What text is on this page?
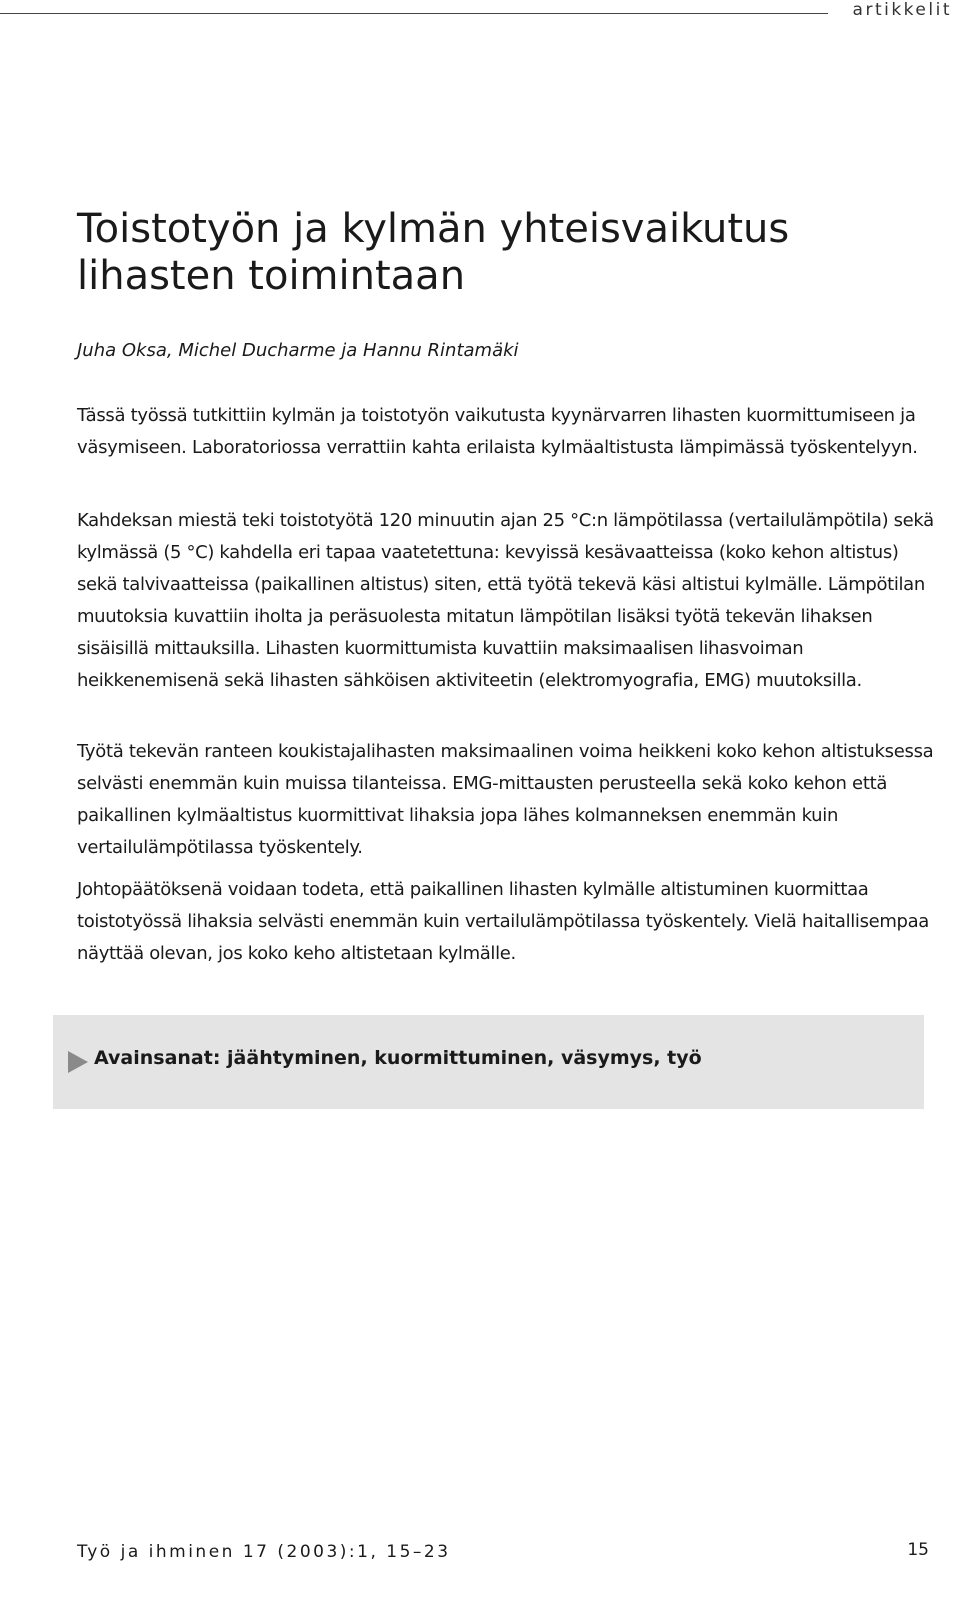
artikkelit
Toistotyön ja kylmän yhteisvaikutus
lihasten toimintaan
Juha Oksa, Michel Ducharme ja Hannu Rintamäki

Tässä työssä tutkittiin kylmän ja toistotyön vaikutusta kyynärvarren lihasten kuormittumiseen ja väsymiseen. Laboratoriossa verrattiin kahta erilaista kylmäaltistusta lämpimässä työskentelyyn.

Kahdeksan miestä teki toistotyötä 120 minuutin ajan 25 °C:n lämpötilassa (vertailulämpötila) sekä kylmässä (5 °C) kahdella eri tapaa vaatetettuna: kevyissä kesävaatteissa (koko kehon altistus) sekä talvivaatteissa (paikallinen altistus) siten, että työtä tekevä käsi altistui kylmälle. Lämpötilan muutoksia kuvattiin iholta ja peräsuolesta mitatun lämpötilan lisäksi työtä tekevän lihaksen sisäisillä mittauksilla. Lihasten kuormittumista kuvattiin maksimaalisen lihasvoiman heikkenemisenä sekä lihasten sähköisen aktiviteetin (elektromyografia, EMG) muutoksilla.

Työtä tekevän ranteen koukistajalihasten maksimaalinen voima heikkeni koko kehon altistuksessa selvästi enemmän kuin muissa tilanteissa. EMG-mittausten perusteella sekä koko kehon että paikallinen kylmäaltistus kuormittivat lihaksia jopa lähes kolmanneksen enemmän kuin vertailulämpötilassa työskentely.

Johtopäätöksenä voidaan todeta, että paikallinen lihasten kylmälle altistuminen kuormittaa toistotyössä lihaksia selvästi enemmän kuin vertailulämpötilassa työskentely. Vielä haitallisempaa näyttää olevan, jos koko keho altistetaan kylmälle.

Avainsanat: jäähtyminen, kuormittuminen, väsymys, työ
Työ ja ihminen 17 (2003):1, 15–23	15
